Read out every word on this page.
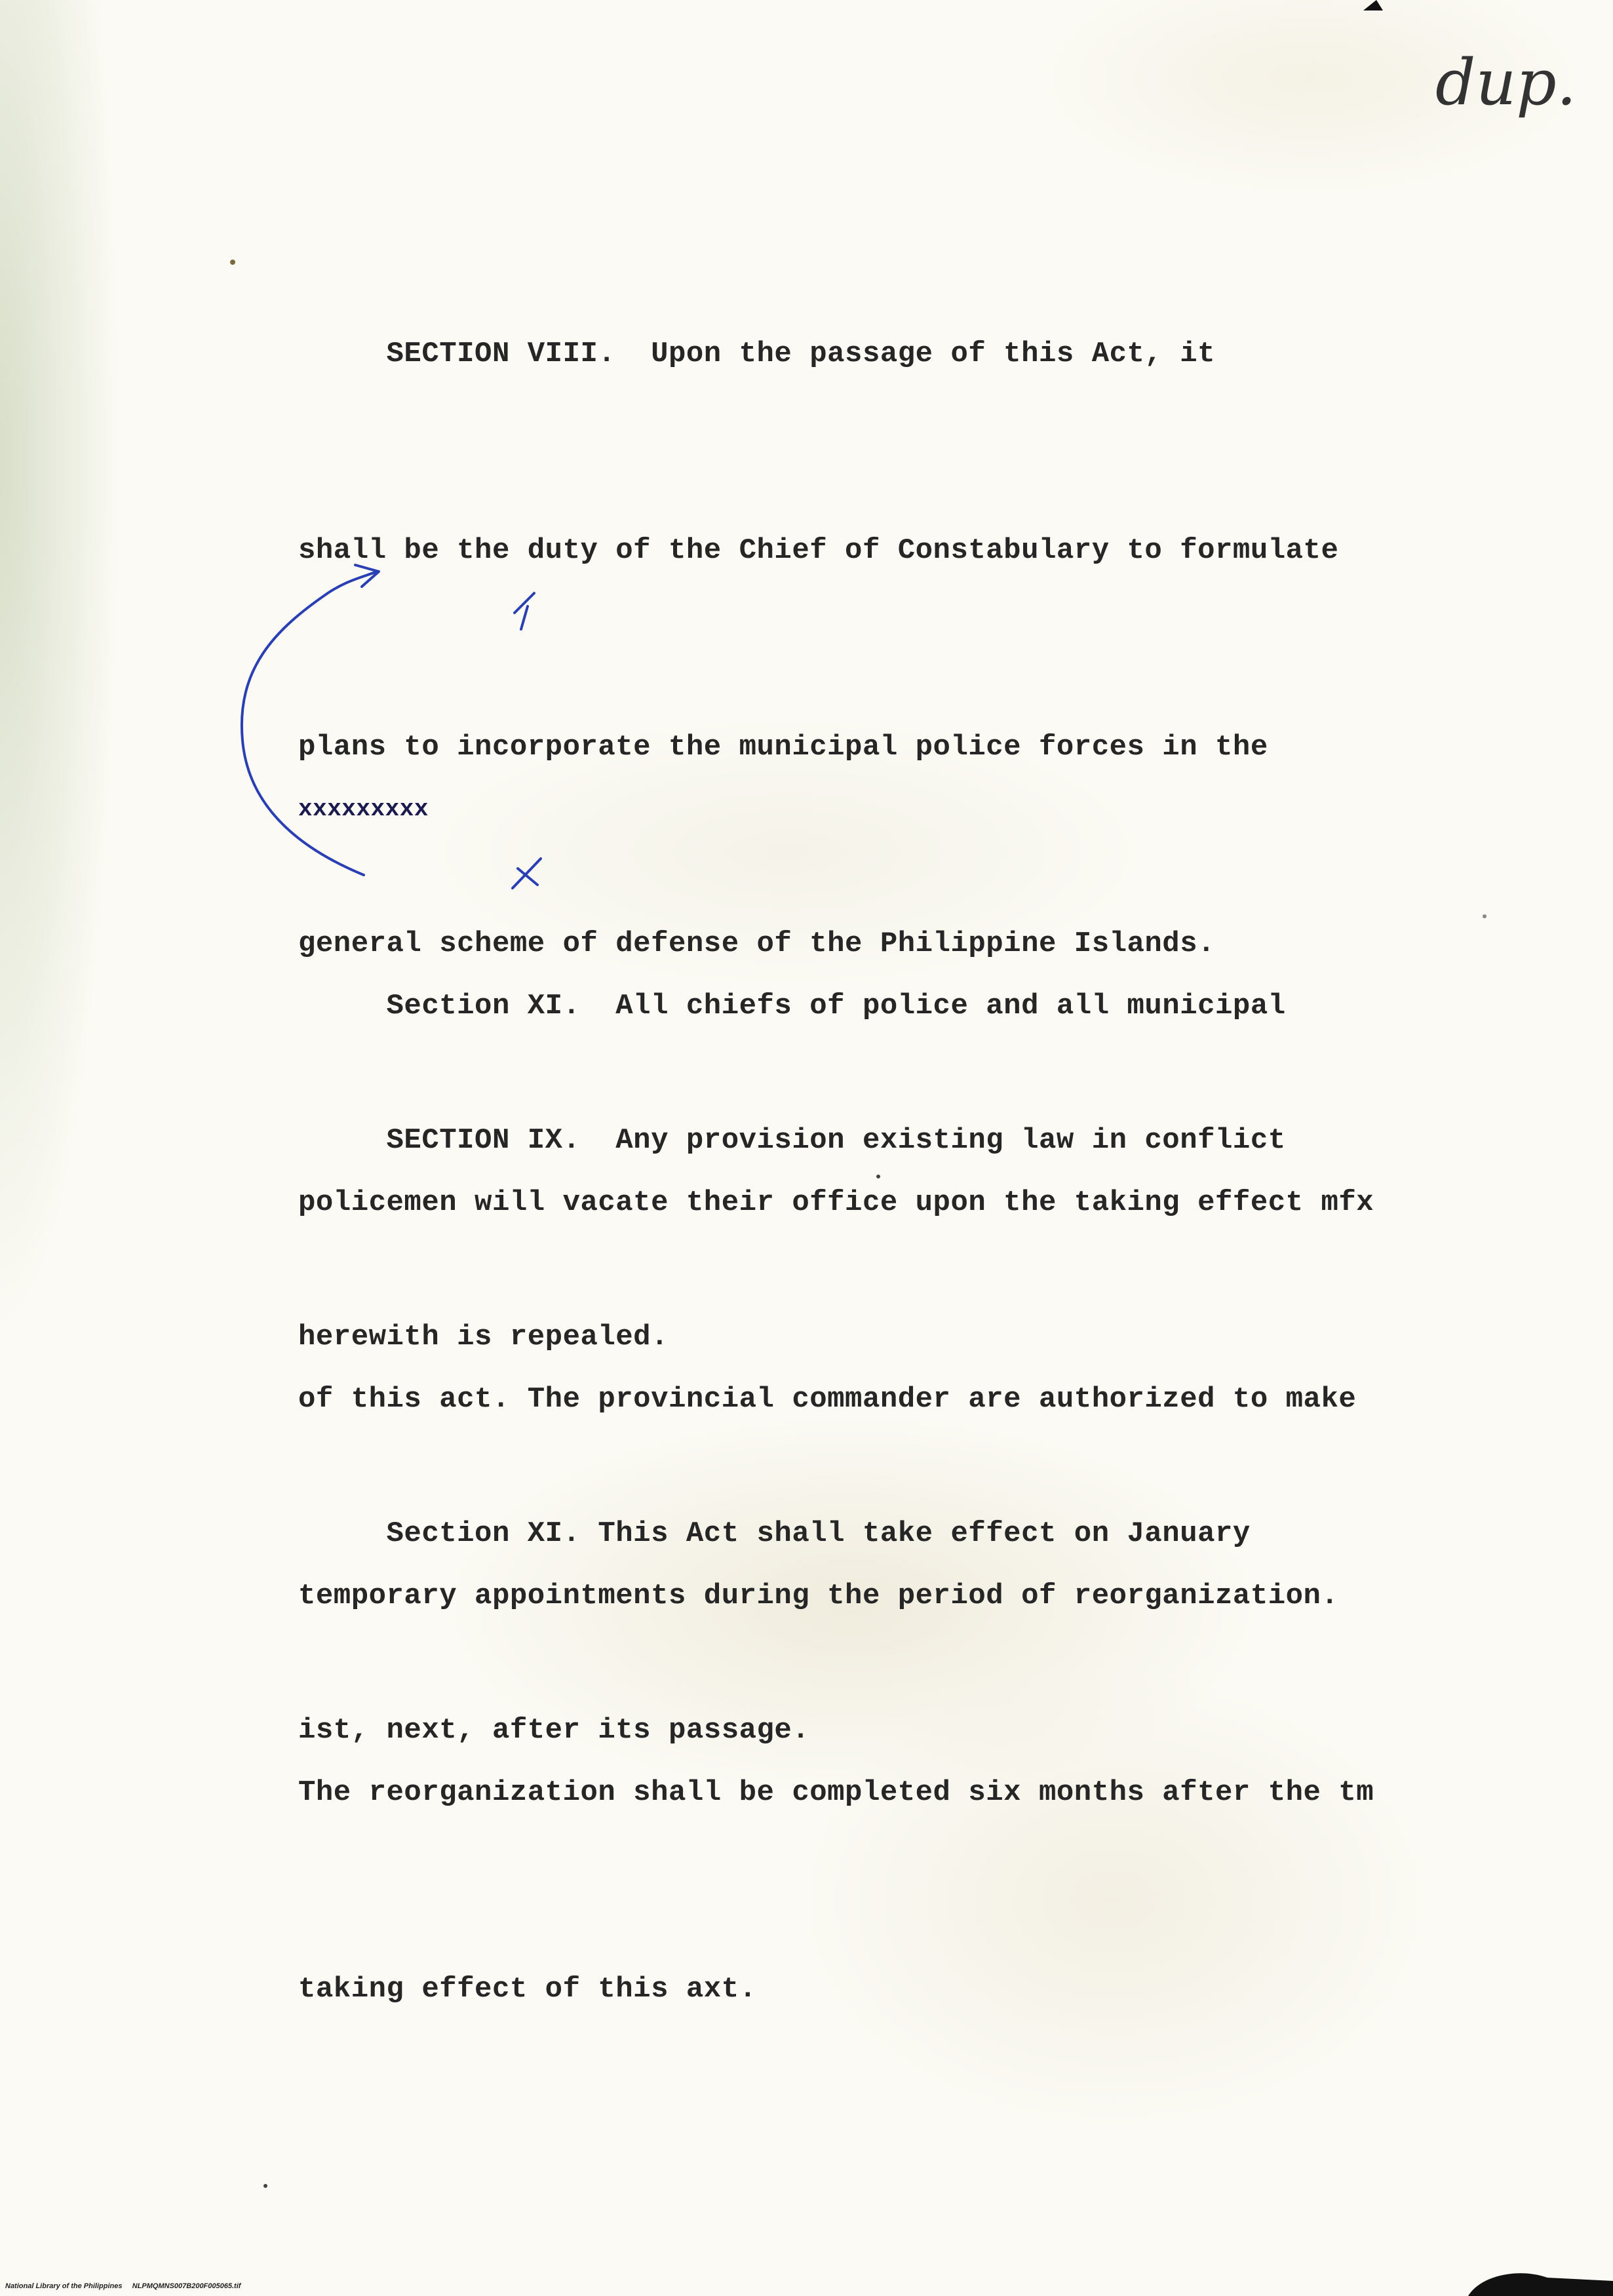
dup.

SECTION VIII.  Upon the passage of this Act, it

shall be the duty of the Chief of Constabulary to formulate

plans to incorporate the municipal police forces in the

general scheme of defense of the Philippine Islands.

SECTION IX.  Any provision existing law in conflict

herewith is repealed.

Section XI. This Act shall take effect on January

ist, next, after its passage.

xxxxxxxxx

Section XI.  All chiefs of police and all municipal

policemen will vacate their office upon the taking effect mfx

of this act. The provincial commander are authorized to make

temporary appointments during the period of reorganization.

The reorganization shall be completed six months after the tm

taking effect of this axt.

National Library of the Philippines     NLPMQMNS007B200F005065.tif
